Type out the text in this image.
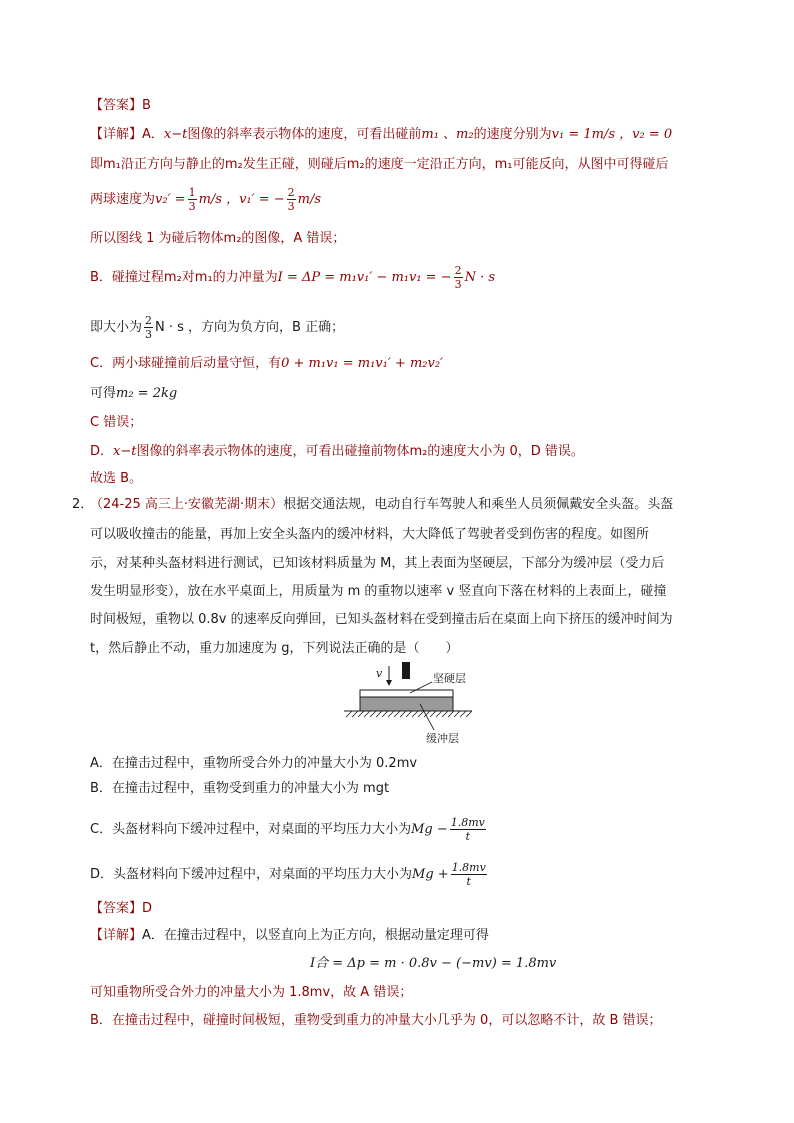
【答案】B
【详解】A．x−t图像的斜率表示物体的速度，可看出碰前m₁ 、m₂的速度分别为v₁ = 1m/s ，v₂ = 0
即m₁沿正方向与静止的m₂发生正碰，则碰后m₂的速度一定沿正方向，m₁可能反向，从图中可得碰后
两球速度为$v_2' = \frac{1}{3} m/s$ ，v₁′ = − $\frac{2}{3} m/s$
所以图线 1 为碰后物体m₂的图像，A 错误；
B．碰撞过程m₂对m₁的力冲量为I = ΔP = m₁v₁′ − m₁v₁ = − $\frac{2}{3}$ N · s
即大小为 $\frac{2}{3}$ N · s ，方向为负方向，B 正确；
C．两小球碰撞前后动量守恒，有0 + m₁v₁ = m₁v₁′ + m₂v₂′
可得m₂ = 2kg
C 错误；
D．x−t图像的斜率表示物体的速度，可看出碰撞前物体m₂的速度大小为 0，D 错误。
故选 B。
2．
（24-25 高三上·安徽芜湖·期末）根据交通法规，电动自行车驾驶人和乘坐人员须佩戴安全头盔。头盔
可以吸收撞击的能量，再加上安全头盔内的缓冲材料，大大降低了驾驶者受到伤害的程度。如图所
示，对某种头盔材料进行测试，已知该材料质量为 M，其上表面为坚硬层，下部分为缓冲层（受力后
发生明显形变），放在水平桌面上，用质量为 m 的重物以速率 v 竖直向下落在材料的上表面上，碰撞
时间极短，重物以 0.8v 的速率反向弹回，已知头盔材料在受到撞击后在桌面上向下挤压的缓冲时间为
t，然后静止不动，重力加速度为 g，下列说法正确的是（　　）
v	坚硬层
缓冲层
A．在撞击过程中，重物所受合外力的冲量大小为 0.2mv
B．在撞击过程中，重物受到重力的冲量大小为 mgt
C．头盔材料向下缓冲过程中，对桌面的平均压力大小为$Mg - \frac{1.8mv}{t}$
D．头盔材料向下缓冲过程中，对桌面的平均压力大小为$Mg + \frac{1.8mv}{t}$
【答案】D
【详解】A．在撞击过程中，以竖直向上为正方向，根据动量定理可得
I合 = Δp = m · 0.8v − (−mv) = 1.8mv
可知重物所受合外力的冲量大小为 1.8mv，故 A 错误；
B．在撞击过程中，碰撞时间极短，重物受到重力的冲量大小几乎为 0，可以忽略不计，故 B 错误；
